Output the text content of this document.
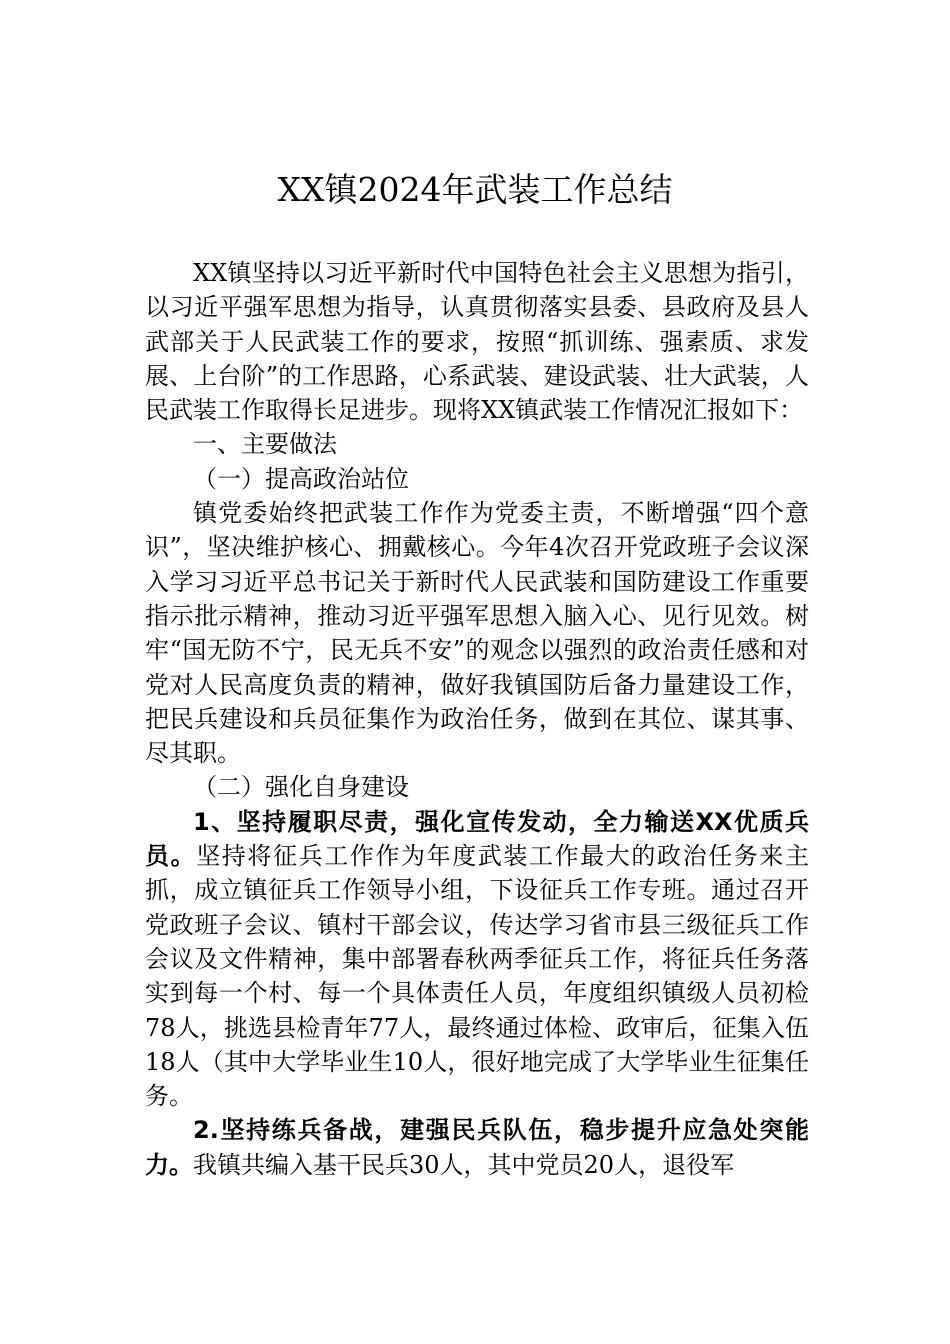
XX镇2024年武装工作总结

XX镇坚持以习近平新时代中国特色社会主义思想为指引，以习近平强军思想为指导，认真贯彻落实县委、县政府及县人武部关于人民武装工作的要求，按照“抓训练、强素质、求发展、上台阶”的工作思路，心系武装、建设武装、壮大武装，人民武装工作取得长足进步。现将XX镇武装工作情况汇报如下：

一、主要做法

（一）提高政治站位

镇党委始终把武装工作作为党委主责，不断增强“四个意识”，坚决维护核心、拥戴核心。今年4次召开党政班子会议深入学习习近平总书记关于新时代人民武装和国防建设工作重要指示批示精神，推动习近平强军思想入脑入心、见行见效。树牢“国无防不宁，民无兵不安”的观念以强烈的政治责任感和对党对人民高度负责的精神，做好我镇国防后备力量建设工作，把民兵建设和兵员征集作为政治任务，做到在其位、谋其事、尽其职。

（二）强化自身建设

1、坚持履职尽责，强化宣传发动，全力输送XX优质兵员。坚持将征兵工作作为年度武装工作最大的政治任务来主抓，成立镇征兵工作领导小组，下设征兵工作专班。通过召开党政班子会议、镇村干部会议，传达学习省市县三级征兵工作会议及文件精神，集中部署春秋两季征兵工作，将征兵任务落实到每一个村、每一个具体责任人员，年度组织镇级人员初检78人，挑选县检青年77人，最终通过体检、政审后，征集入伍18人（其中大学毕业生10人，很好地完成了大学毕业生征集任务。

2.坚持练兵备战，建强民兵队伍，稳步提升应急处突能力。我镇共编入基干民兵30人，其中党员20人，退役军
